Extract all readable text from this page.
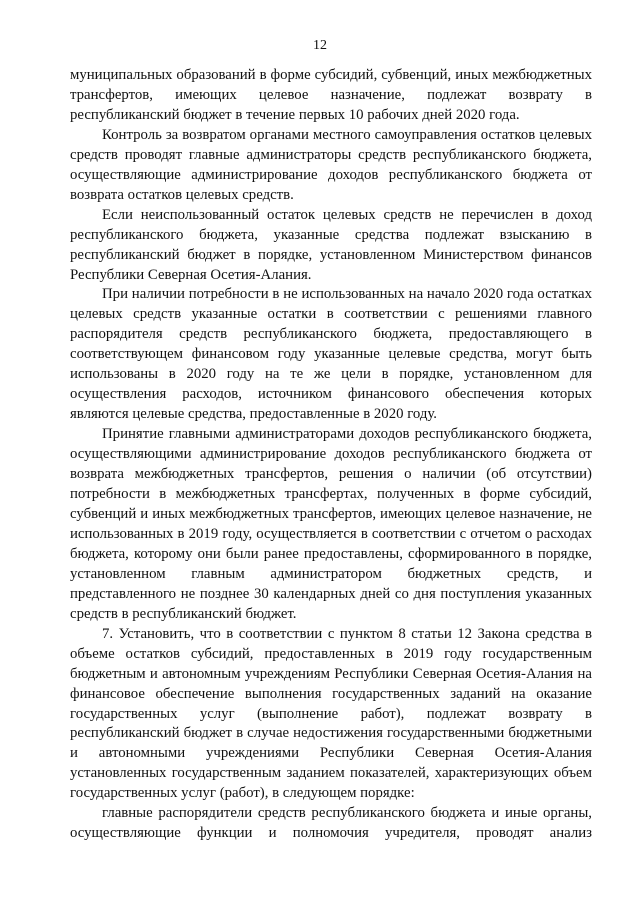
12

муниципальных образований в форме субсидий, субвенций, иных межбюджетных трансфертов, имеющих целевое назначение, подлежат возврату в республиканский бюджет в течение первых 10 рабочих дней 2020 года.

Контроль за возвратом органами местного самоуправления остатков целевых средств проводят главные администраторы средств республиканского бюджета, осуществляющие администрирование доходов республиканского бюджета от возврата остатков целевых средств.

Если неиспользованный остаток целевых средств не перечислен в доход республиканского бюджета, указанные средства подлежат взысканию в республиканский бюджет в порядке, установленном Министерством финансов Республики Северная Осетия-Алания.

При наличии потребности в не использованных на начало 2020 года остатках целевых средств указанные остатки в соответствии с решениями главного распорядителя средств республиканского бюджета, предоставляющего в соответствующем финансовом году указанные целевые средства, могут быть использованы в 2020 году на те же цели в порядке, установленном для осуществления расходов, источником финансового обеспечения которых являются целевые средства, предоставленные в 2020 году.

Принятие главными администраторами доходов республиканского бюджета, осуществляющими администрирование доходов республиканского бюджета от возврата межбюджетных трансфертов, решения о наличии (об отсутствии) потребности в межбюджетных трансфертах, полученных в форме субсидий, субвенций и иных межбюджетных трансфертов, имеющих целевое назначение, не использованных в 2019 году, осуществляется в соответствии с отчетом о расходах бюджета, которому они были ранее предоставлены, сформированного в порядке, установленном главным администратором бюджетных средств, и представленного не позднее 30 календарных дней со дня поступления указанных средств в республиканский бюджет.

7. Установить, что в соответствии с пунктом 8 статьи 12 Закона средства в объеме остатков субсидий, предоставленных в 2019 году государственным бюджетным и автономным учреждениям Республики Северная Осетия-Алания на финансовое обеспечение выполнения государственных заданий на оказание государственных услуг (выполнение работ), подлежат возврату в республиканский бюджет в случае недостижения государственными бюджетными и автономными учреждениями Республики Северная Осетия-Алания установленных государственным заданием показателей, характеризующих объем государственных услуг (работ), в следующем порядке:

главные распорядители средств республиканского бюджета и иные органы, осуществляющие функции и полномочия учредителя, проводят анализ
